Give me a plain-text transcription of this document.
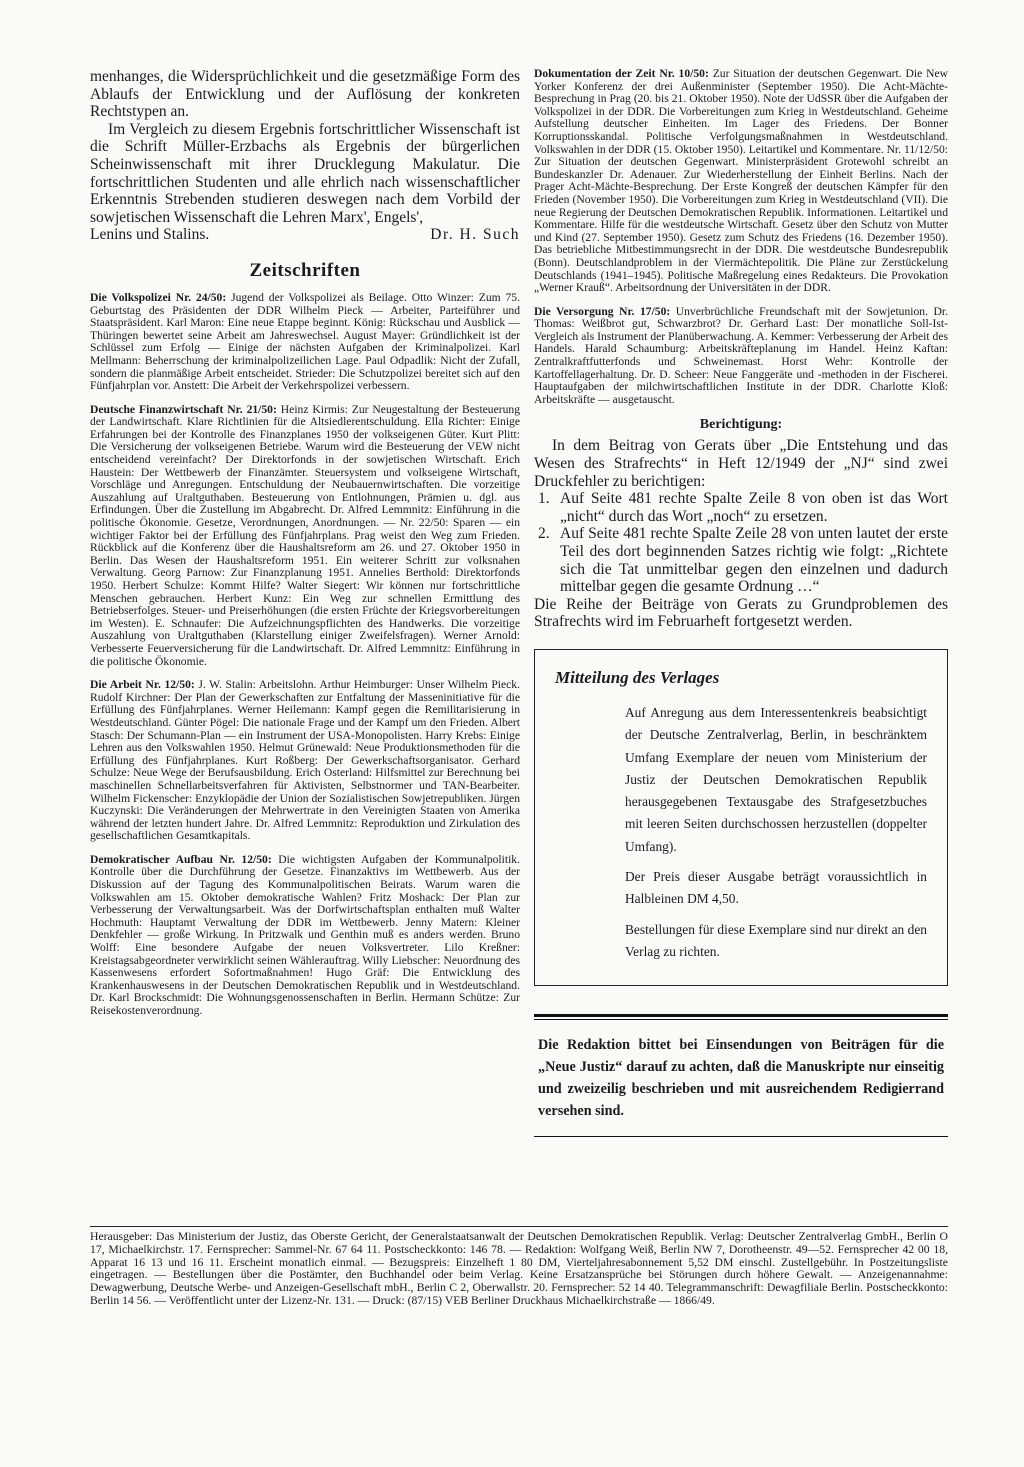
menhanges, die Widersprüchlichkeit und die gesetzmäßige Form des Ablaufs der Entwicklung und der Auflösung der konkreten Rechtstypen an.

Im Vergleich zu diesem Ergebnis fortschrittlicher Wissenschaft ist die Schrift Müller-Erzbachs als Ergebnis der bürgerlichen Scheinwissenschaft mit ihrer Drucklegung Makulatur. Die fortschrittlichen Studenten und alle ehrlich nach wissenschaftlicher Erkenntnis Strebenden studieren deswegen nach dem Vorbild der sowjetischen Wissenschaft die Lehren Marx', Engels',

Lenins und Stalins.	Dr. H. Such
Zeitschriften

Die Volkspolizei Nr. 24/50: Jugend der Volkspolizei als Beilage. Otto Winzer: Zum 75. Geburtstag des Präsidenten der DDR Wilhelm Pieck — Arbeiter, Parteiführer und Staatspräsident. Karl Maron: Eine neue Etappe beginnt. König: Rückschau und Ausblick — Thüringen bewertet seine Arbeit am Jahreswechsel. August Mayer: Gründlichkeit ist der Schlüssel zum Erfolg — Einige der nächsten Aufgaben der Kriminalpolizei. Karl Mellmann: Beherrschung der kriminalpolizeilichen Lage. Paul Odpadlik: Nicht der Zufall, sondern die planmäßige Arbeit entscheidet. Strieder: Die Schutzpolizei bereitet sich auf den Fünfjahrplan vor. Anstett: Die Arbeit der Verkehrspolizei verbessern.

Deutsche Finanzwirtschaft Nr. 21/50: Heinz Kirmis: Zur Neugestaltung der Besteuerung der Landwirtschaft. Klare Richtlinien für die Altsiedlerentschuldung. Ella Richter: Einige Erfahrungen bei der Kontrolle des Finanzplanes 1950 der volkseigenen Güter. Kurt Plitt: Die Versicherung der volkseigenen Betriebe. Warum wird die Besteuerung der VEW nicht entscheidend vereinfacht? Der Direktorfonds in der sowjetischen Wirtschaft. Erich Haustein: Der Wettbewerb der Finanzämter. Steuersystem und volkseigene Wirtschaft, Vorschläge und Anregungen. Entschuldung der Neubauernwirtschaften. Die vorzeitige Auszahlung auf Uraltguthaben. Besteuerung von Entlohnungen, Prämien u. dgl. aus Erfindungen. Über die Zustellung im Abgabrecht. Dr. Alfred Lemmnitz: Einführung in die politische Ökonomie. Gesetze, Verordnungen, Anordnungen. — Nr. 22/50: Sparen — ein wichtiger Faktor bei der Erfüllung des Fünfjahrplans. Prag weist den Weg zum Frieden. Rückblick auf die Konferenz über die Haushaltsreform am 26. und 27. Oktober 1950 in Berlin. Das Wesen der Haushaltsreform 1951. Ein weiterer Schritt zur volksnahen Verwaltung. Georg Parnow: Zur Finanzplanung 1951. Annelies Berthold: Direktorfonds 1950. Herbert Schulze: Kommt Hilfe? Walter Siegert: Wir können nur fortschrittliche Menschen gebrauchen. Herbert Kunz: Ein Weg zur schnellen Ermittlung des Betriebserfolges. Steuer- und Preiserhöhungen (die ersten Früchte der Kriegsvorbereitungen im Westen). E. Schnaufer: Die Aufzeichnungspflichten des Handwerks. Die vorzeitige Auszahlung von Uraltguthaben (Klarstellung einiger Zweifelsfragen). Werner Arnold: Verbesserte Feuerversicherung für die Landwirtschaft. Dr. Alfred Lemmnitz: Einführung in die politische Ökonomie.

Die Arbeit Nr. 12/50: J. W. Stalin: Arbeitslohn. Arthur Heimburger: Unser Wilhelm Pieck. Rudolf Kirchner: Der Plan der Gewerkschaften zur Entfaltung der Masseninitiative für die Erfüllung des Fünfjahrplanes. Werner Heilemann: Kampf gegen die Remilitarisierung in Westdeutschland. Günter Pögel: Die nationale Frage und der Kampf um den Frieden. Albert Stasch: Der Schumann-Plan — ein Instrument der USA-Monopolisten. Harry Krebs: Einige Lehren aus den Volkswahlen 1950. Helmut Grünewald: Neue Produktionsmethoden für die Erfüllung des Fünfjahrplanes. Kurt Roßberg: Der Gewerkschaftsorganisator. Gerhard Schulze: Neue Wege der Berufsausbildung. Erich Osterland: Hilfsmittel zur Berechnung bei maschinellen Schnellarbeitsverfahren für Aktivisten, Selbstnormer und TAN-Bearbeiter. Wilhelm Fickenscher: Enzyklopädie der Union der Sozialistischen Sowjetrepubliken. Jürgen Kuczynski: Die Veränderungen der Mehrwertrate in den Vereinigten Staaten von Amerika während der letzten hundert Jahre. Dr. Alfred Lemmnitz: Reproduktion und Zirkulation des gesellschaftlichen Gesamtkapitals.

Demokratischer Aufbau Nr. 12/50: Die wichtigsten Aufgaben der Kommunalpolitik. Kontrolle über die Durchführung der Gesetze. Finanzaktivs im Wettbewerb. Aus der Diskussion auf der Tagung des Kommunalpolitischen Beirats. Warum waren die Volkswahlen am 15. Oktober demokratische Wahlen? Fritz Moshack: Der Plan zur Verbesserung der Verwaltungsarbeit. Was der Dorfwirtschaftsplan enthalten muß Walter Hochmuth: Hauptamt Verwaltung der DDR im Wettbewerb. Jenny Matern: Kleiner Denkfehler — große Wirkung. In Pritzwalk und Genthin muß es anders werden. Bruno Wolff: Eine besondere Aufgabe der neuen Volksvertreter. Lilo Kreßner: Kreistagsabgeordneter verwirklicht seinen Wählerauftrag. Willy Liebscher: Neuordnung des Kassenwesens erfordert Sofortmaßnahmen! Hugo Gräf: Die Entwicklung des Krankenhauswesens in der Deutschen Demokratischen Republik und in Westdeutschland. Dr. Karl Brockschmidt: Die Wohnungsgenossenschaften in Berlin. Hermann Schütze: Zur Reisekostenverordnung.

Dokumentation der Zeit Nr. 10/50: Zur Situation der deutschen Gegenwart. Die New Yorker Konferenz der drei Außenminister (September 1950). Die Acht-Mächte-Besprechung in Prag (20. bis 21. Oktober 1950). Note der UdSSR über die Aufgaben der Volkspolizei in der DDR. Die Vorbereitungen zum Krieg in Westdeutschland. Geheime Aufstellung deutscher Einheiten. Im Lager des Friedens. Der Bonner Korruptionsskandal. Politische Verfolgungsmaßnahmen in Westdeutschland. Volkswahlen in der DDR (15. Oktober 1950). Leitartikel und Kommentare. Nr. 11/12/50: Zur Situation der deutschen Gegenwart. Ministerpräsident Grotewohl schreibt an Bundeskanzler Dr. Adenauer. Zur Wiederherstellung der Einheit Berlins. Nach der Prager Acht-Mächte-Besprechung. Der Erste Kongreß der deutschen Kämpfer für den Frieden (November 1950). Die Vorbereitungen zum Krieg in Westdeutschland (VII). Die neue Regierung der Deutschen Demokratischen Republik. Informationen. Leitartikel und Kommentare. Hilfe für die westdeutsche Wirtschaft. Gesetz über den Schutz von Mutter und Kind (27. September 1950). Gesetz zum Schutz des Friedens (16. Dezember 1950). Das betriebliche Mitbestimmungsrecht in der DDR. Die westdeutsche Bundesrepublik (Bonn). Deutschlandproblem in der Viermächtepolitik. Die Pläne zur Zerstückelung Deutschlands (1941–1945). Politische Maßregelung eines Redakteurs. Die Provokation „Werner Krauß“. Arbeitsordnung der Universitäten in der DDR.

Die Versorgung Nr. 17/50: Unverbrüchliche Freundschaft mit der Sowjetunion. Dr. Thomas: Weißbrot gut, Schwarzbrot? Dr. Gerhard Last: Der monatliche Soll-Ist-Vergleich als Instrument der Planüberwachung. A. Kemmer: Verbesserung der Arbeit des Handels. Harald Schaumburg: Arbeitskräfteplanung im Handel. Heinz Kaftan: Zentralkraftfutterfonds und Schweinemast. Horst Wehr: Kontrolle der Kartoffellagerhaltung. Dr. D. Scheer: Neue Fanggeräte und -methoden in der Fischerei. Hauptaufgaben der milchwirtschaftlichen Institute in der DDR. Charlotte Kloß: Arbeitskräfte — ausgetauscht.

Berichtigung:

In dem Beitrag von Gerats über „Die Entstehung und das Wesen des Strafrechts“ in Heft 12/1949 der „NJ“ sind zwei Druckfehler zu berichtigen:

1. Auf Seite 481 rechte Spalte Zeile 8 von oben ist das Wort „nicht“ durch das Wort „noch“ zu ersetzen.
2. Auf Seite 481 rechte Spalte Zeile 28 von unten lautet der erste Teil des dort beginnenden Satzes richtig wie folgt: „Richtete sich die Tat unmittelbar gegen den einzelnen und dadurch mittelbar gegen die gesamte Ordnung …“

Die Reihe der Beiträge von Gerats zu Grundproblemen des Strafrechts wird im Februarheft fortgesetzt werden.

Mitteilung des Verlages

Auf Anregung aus dem Interessentenkreis beabsichtigt der Deutsche Zentralverlag, Berlin, in beschränktem Umfang Exemplare der neuen vom Ministerium der Justiz der Deutschen Demokratischen Republik herausgegebenen Textausgabe des Strafgesetzbuches mit leeren Seiten durchschossen herzustellen (doppelter Umfang).

Der Preis dieser Ausgabe beträgt voraussichtlich in Halbleinen DM 4,50.

Bestellungen für diese Exemplare sind nur direkt an den Verlag zu richten.

Die Redaktion bittet bei Einsendungen von Beiträgen für die „Neue Justiz“ darauf zu achten, daß die Manuskripte nur einseitig und zweizeilig beschrieben und mit ausreichendem Redigierrand versehen sind.

Herausgeber: Das Ministerium der Justiz, das Oberste Gericht, der Generalstaatsanwalt der Deutschen Demokratischen Republik. Verlag: Deutscher Zentralverlag GmbH., Berlin O 17, Michaelkirchstr. 17. Fernsprecher: Sammel-Nr. 67 64 11. Postscheckkonto: 146 78. — Redaktion: Wolfgang Weiß, Berlin NW 7, Dorotheenstr. 49—52. Fernsprecher 42 00 18, Apparat 16 13 und 16 11. Erscheint monatlich einmal. — Bezugspreis: Einzelheft 1 80 DM, Vierteljahresabonnement 5,52 DM einschl. Zustellgebühr. In Postzeitungsliste eingetragen. — Bestellungen über die Postämter, den Buchhandel oder beim Verlag. Keine Ersatzansprüche bei Störungen durch höhere Gewalt. — Anzeigenannahme: Dewagwerbung, Deutsche Werbe- und Anzeigen-Gesellschaft mbH., Berlin C 2, Oberwallstr. 20. Fernsprecher: 52 14 40. Telegrammanschrift: Dewagfiliale Berlin. Postscheckkonto: Berlin 14 56. — Veröffentlicht unter der Lizenz-Nr. 131. — Druck: (87/15) VEB Berliner Druckhaus Michaelkirchstraße — 1866/49.
